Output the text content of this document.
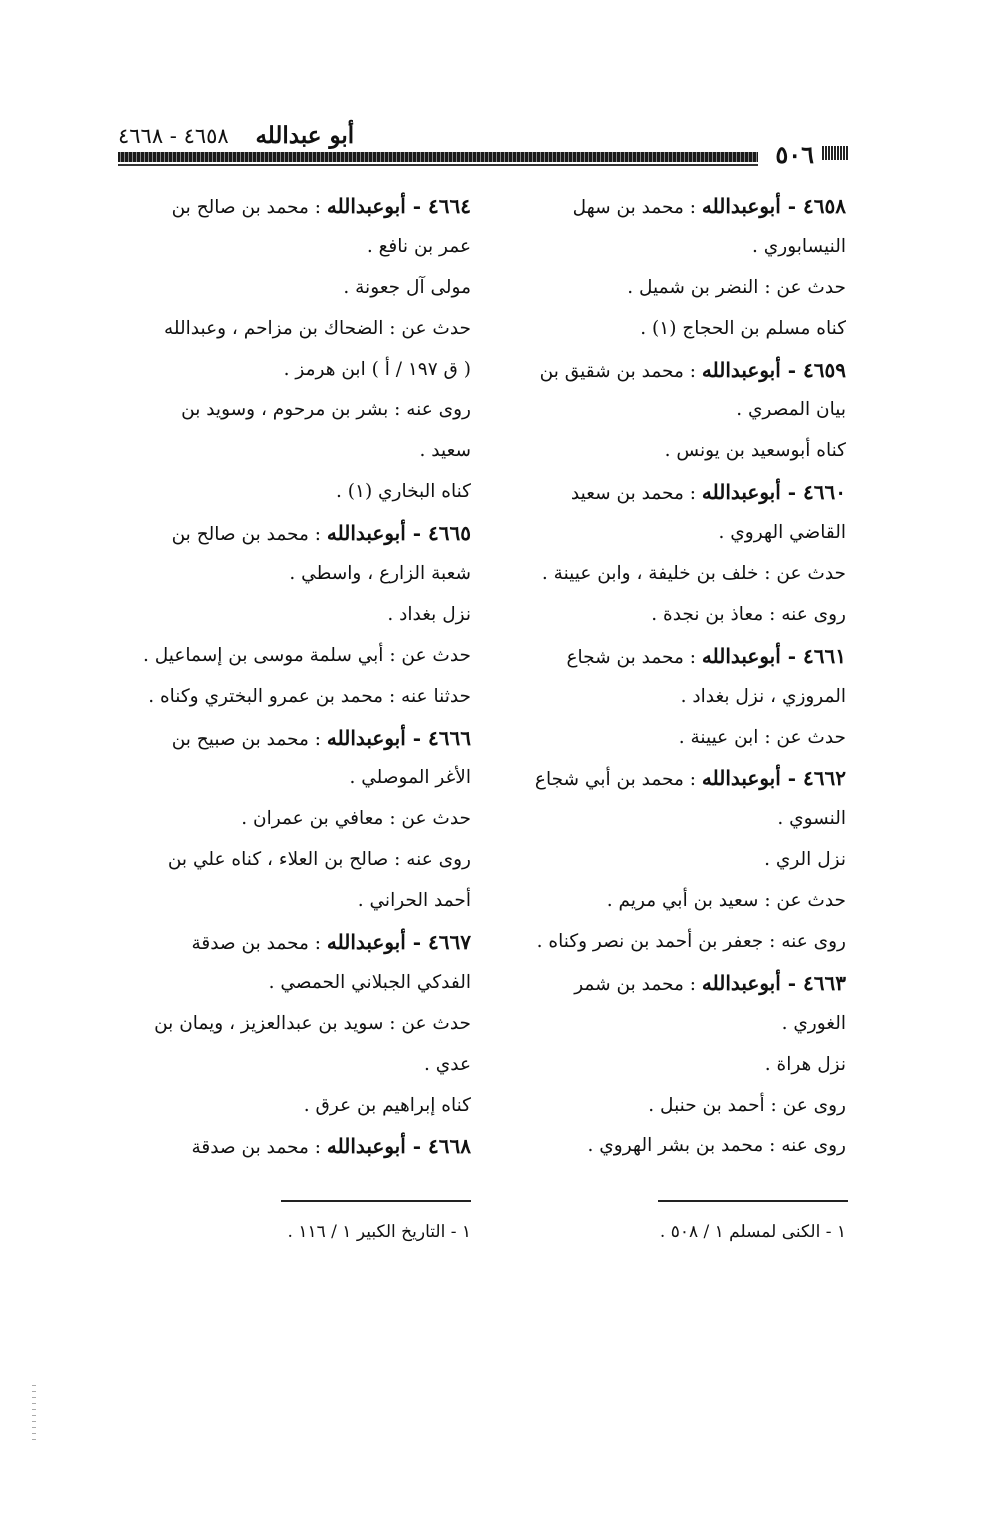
٥٠٦
أبو عبدالله    ٤٦٥٨ - ٤٦٦٨
٤٦٥٨ - أبوعبدالله : محمد بن سهل
النيسابوري .
حدث عن : النضر بن شميل .
كناه مسلم بن الحجاج (١) .
٤٦٥٩ - أبوعبدالله : محمد بن شقيق بن
بيان المصري .
كناه أبوسعيد بن يونس .
٤٦٦٠ - أبوعبدالله : محمد بن سعيد
القاضي الهروي .
حدث عن : خلف بن خليفة ، وابن عيينة .
روى عنه : معاذ بن نجدة .
٤٦٦١ - أبوعبدالله : محمد بن شجاع
المروزي ، نزل بغداد .
حدث عن : ابن عيينة .
٤٦٦٢ - أبوعبدالله : محمد بن أبي شجاع
النسوي .
نزل الري .
حدث عن : سعيد بن أبي مريم .
روى عنه : جعفر بن أحمد بن نصر وكناه .
٤٦٦٣ - أبوعبدالله : محمد بن شمر
الغوري .
نزل هراة .
روى عن : أحمد بن حنبل .
روى عنه : محمد بن بشر الهروي .
٤٦٦٤ - أبوعبدالله : محمد بن صالح بن
عمر بن نافع .
مولى آل جعونة .
حدث عن : الضحاك بن مزاحم ، وعبدالله
( ق ١٩٧ / أ ) ابن هرمز .
روى عنه : بشر بن مرحوم ، وسويد بن
سعيد .
كناه البخاري (١) .
٤٦٦٥ - أبوعبدالله : محمد بن صالح بن
شعبة الزارع ، واسطي .
نزل بغداد .
حدث عن : أبي سلمة موسى بن إسماعيل .
حدثنا عنه : محمد بن عمرو البختري وكناه .
٤٦٦٦ - أبوعبدالله : محمد بن صبيح بن
الأغر الموصلي .
حدث عن : معافي بن عمران .
روى عنه : صالح بن العلاء ، كناه علي بن
أحمد الحراني .
٤٦٦٧ - أبوعبدالله : محمد بن صدقة
الفدكي الجبلاني الحمصي .
حدث عن : سويد بن عبدالعزيز ، ويمان بن
عدي .
كناه إبراهيم بن عرق .
٤٦٦٨ - أبوعبدالله : محمد بن صدقة
١ - الكنى لمسلم ١ / ٥٠٨ .
١ - التاريخ الكبير ١ / ١١٦ .
